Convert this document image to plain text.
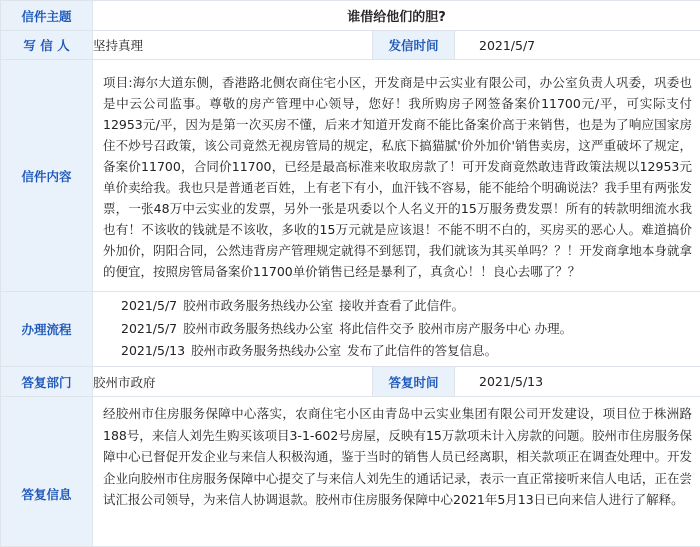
信件主题	谁借给他们的胆?		
写 信 人	坚持真理	发信时间	2021/5/7
信件内容	项目:海尔大道东侧，香港路北侧农商住宅小区，开发商是中云实业有限公司，办公室负责人巩委，巩委也是中云公司监事。尊敬的房产管理中心领导，您好！我所购房子网签备案价11700元/平，可实际支付12953元/平，因为是第一次买房不懂，后来才知道开发商不能比备案价高于来销售，也是为了响应国家房住不炒号召政策，该公司竟然无视房管局的规定，私底下搞猫腻'价外加价'销售卖房，这严重破坏了规定，备案价11700，合同价11700，已经是最高标准来收取房款了！可开发商竟然敢违背政策法规以12953元单价卖给我。我也只是普通老百姓，上有老下有小，血汗钱不容易，能不能给个明确说法？我手里有两张发票，一张48万中云实业的发票，另外一张是巩委以个人名义开的15万服务费发票！所有的转款明细流水我也有！不该收的钱就是不该收，多收的15万元就是应该退！不能不明不白的，买房买的恶心人。难道搞价外加价，阴阳合同，公然违背房产管理规定就得不到惩罚，我们就该为其买单吗？？！开发商拿地本身就拿的便宜，按照房管局备案价11700单价销售已经是暴利了，真贪心！！良心去哪了？？		

办理流程	2021/5/7 胶州市政务服务热线办公室 接收并查看了此信件。
2021/5/7 胶州市政务服务热线办公室 将此信件交予 胶州市房产服务中心 办理。
2021/5/13 胶州市政务服务热线办公室 发布了此信件的答复信息。		

答复部门	胶州市政府	答复时间	2021/5/13
答复信息	经胶州市住房服务保障中心落实，农商住宅小区由青岛中云实业集团有限公司开发建设，项目位于株洲路188号，来信人刘先生购买该项目3-1-602号房屋，反映有15万款项未计入房款的问题。胶州市住房服务保障中心已督促开发企业与来信人积极沟通，鉴于当时的销售人员已经离职，相关款项正在调查处理中。开发企业向胶州市住房服务保障中心提交了与来信人刘先生的通话记录，表示一直正常接听来信人电话，正在尝试汇报公司领导，为来信人协调退款。胶州市住房服务保障中心2021年5月13日已向来信人进行了解释。		
